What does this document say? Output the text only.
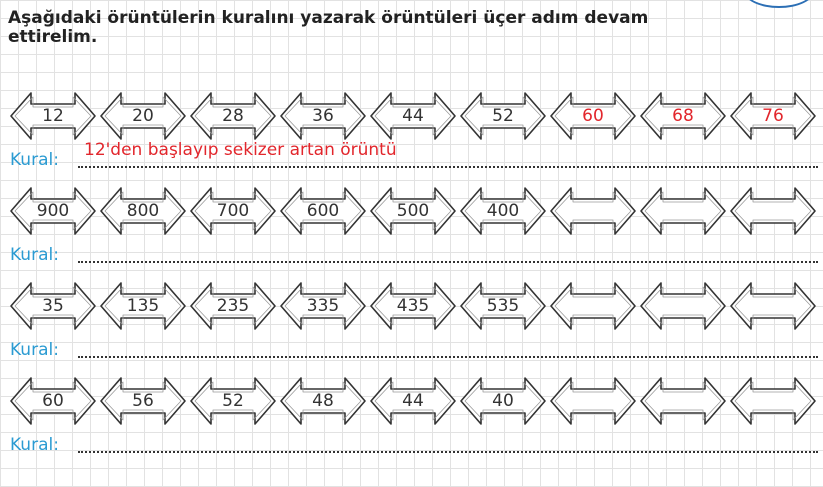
Aşağıdaki örüntülerin kuralını yazarak örüntüleri üçer adım devam ettirelim.

12	20	28	36	44	52	60	68	76
Kural: 12'den başlayıp sekizer artan örüntü
900	800	700	600	500	400
Kural:
35	135	235	335	435	535
Kural:
60	56	52	48	44	40
Kural:
